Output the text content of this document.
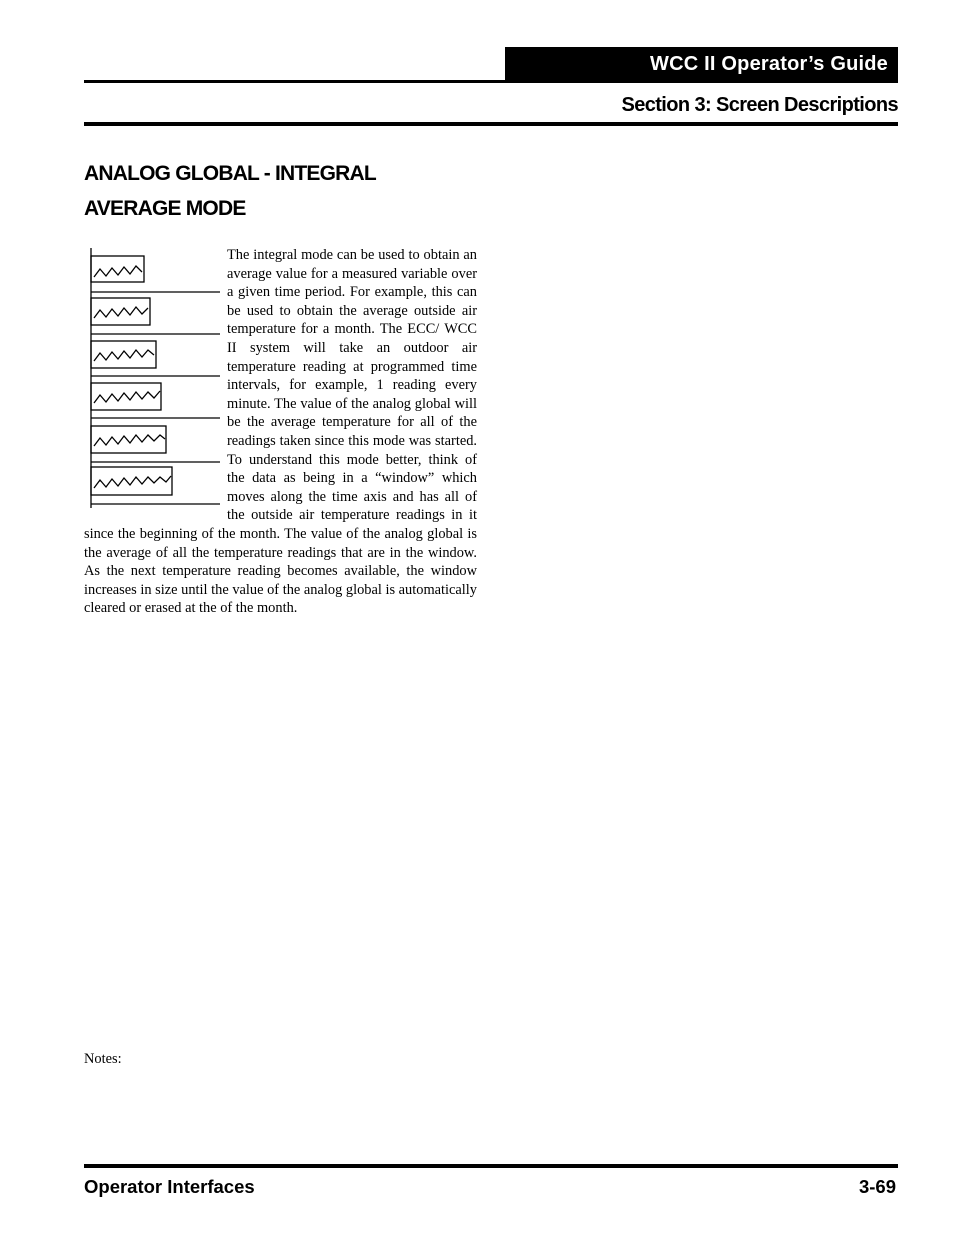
WCC II Operator’s Guide
Section 3: Screen Descriptions
ANALOG GLOBAL - INTEGRAL
AVERAGE MODE

The integral mode can be used to obtain an average value for a measured variable over a given time period. For example, this can be used to obtain the average outside air temperature for a month. The ECC/ WCC II system will take an outdoor air temperature reading at programmed time intervals, for example, 1 reading every minute. The value of the analog global will be the average temperature for all of the readings taken since this mode was started. To understand this mode better, think of the data as being in a “window” which moves along the time axis and has all of the outside air temperature readings in it since the beginning of the month. The value of the analog global is the average of all the temperature readings that are in the window. As the next temperature reading becomes available, the window increases in size until the value of the analog global is automatically cleared or erased at the of the month.

Notes:
Operator Interfaces	3-69
